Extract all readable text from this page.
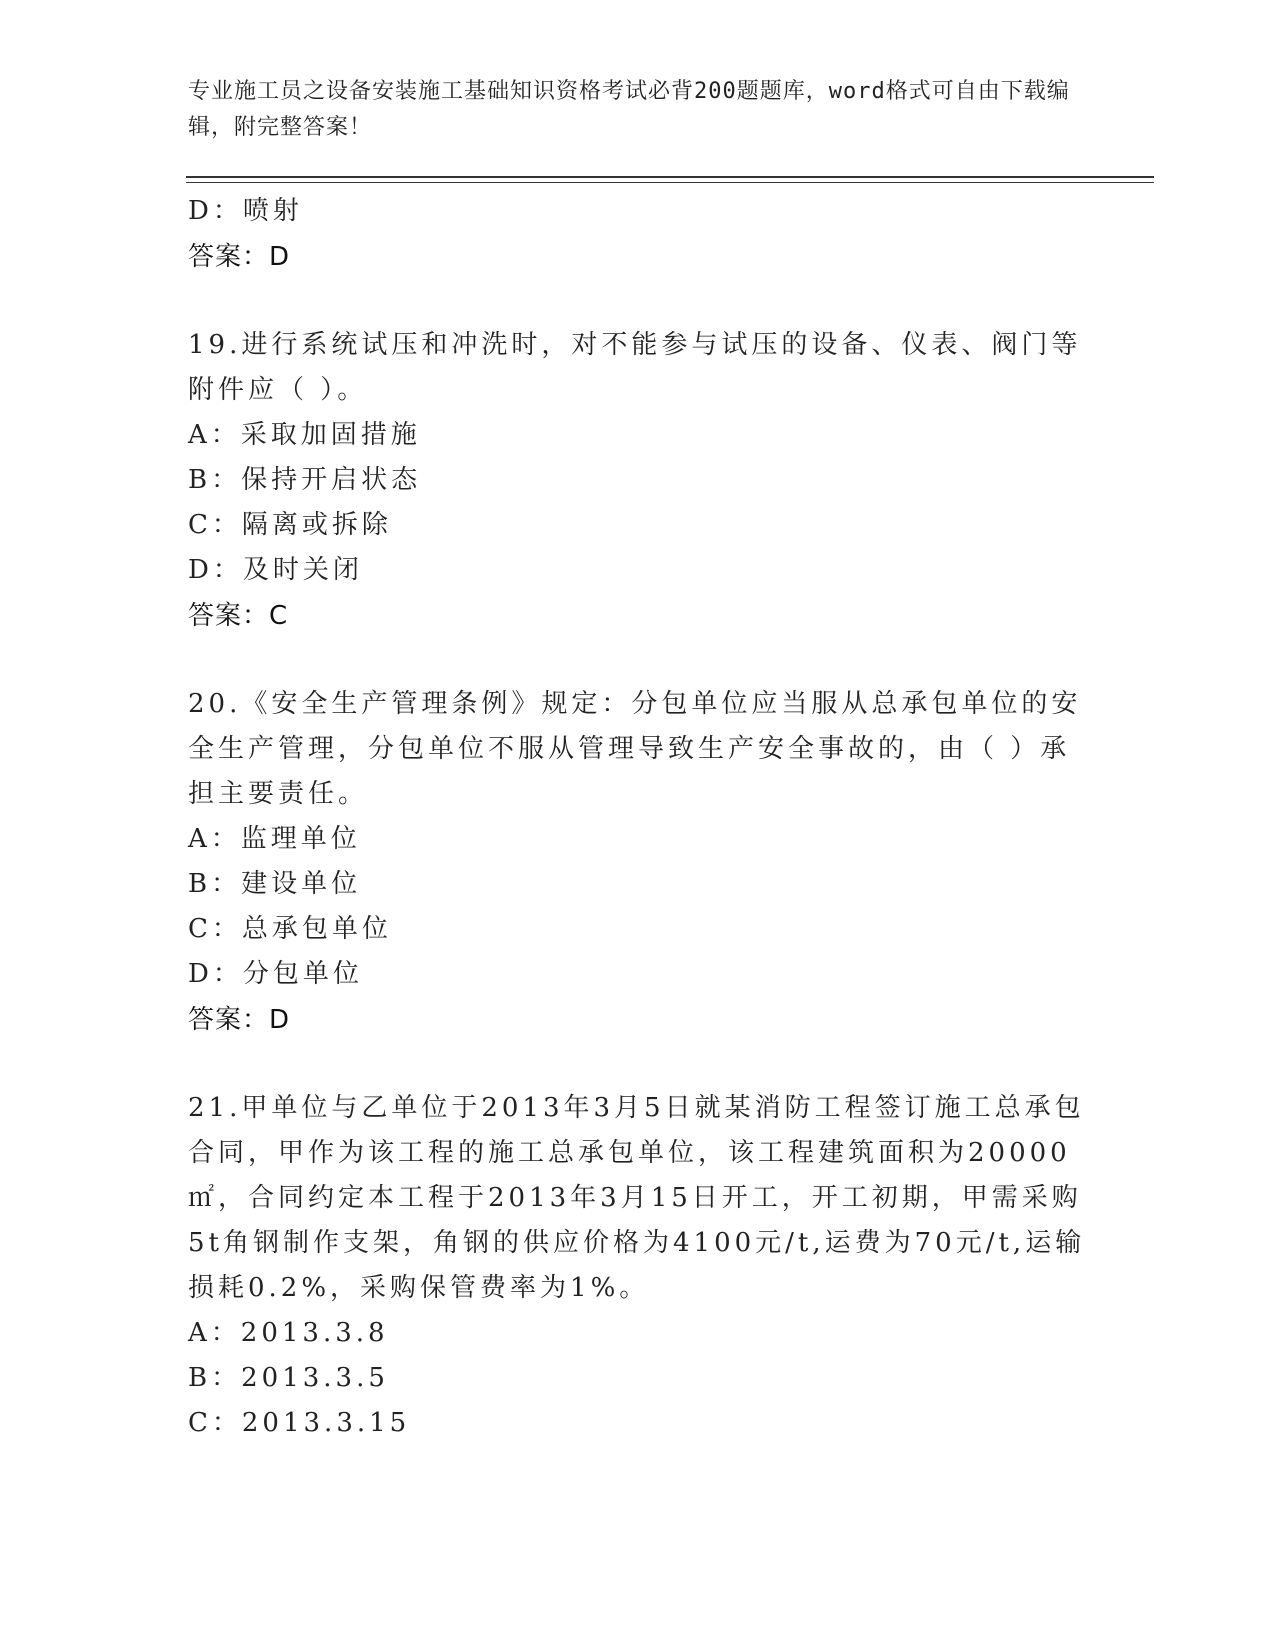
专业施工员之设备安装施工基础知识资格考试必背200题题库，word格式可自由下载编辑，附完整答案！
D：喷射
答案：D
19.进行系统试压和冲洗时，对不能参与试压的设备、仪表、阀门等附件应（ ）。
A：采取加固措施
B：保持开启状态
C：隔离或拆除
D：及时关闭
答案：C
20.《安全生产管理条例》规定：分包单位应当服从总承包单位的安全生产管理，分包单位不服从管理导致生产安全事故的，由（ ）承担主要责任。
A：监理单位
B：建设单位
C：总承包单位
D：分包单位
答案：D
21.甲单位与乙单位于2013年3月5日就某消防工程签订施工总承包合同，甲作为该工程的施工总承包单位，该工程建筑面积为20000㎡，合同约定本工程于2013年3月15日开工，开工初期，甲需采购5t角钢制作支架，角钢的供应价格为4100元/t,运费为70元/t,运输损耗0.2%，采购保管费率为1%。
A：2013.3.8
B：2013.3.5
C：2013.3.15
